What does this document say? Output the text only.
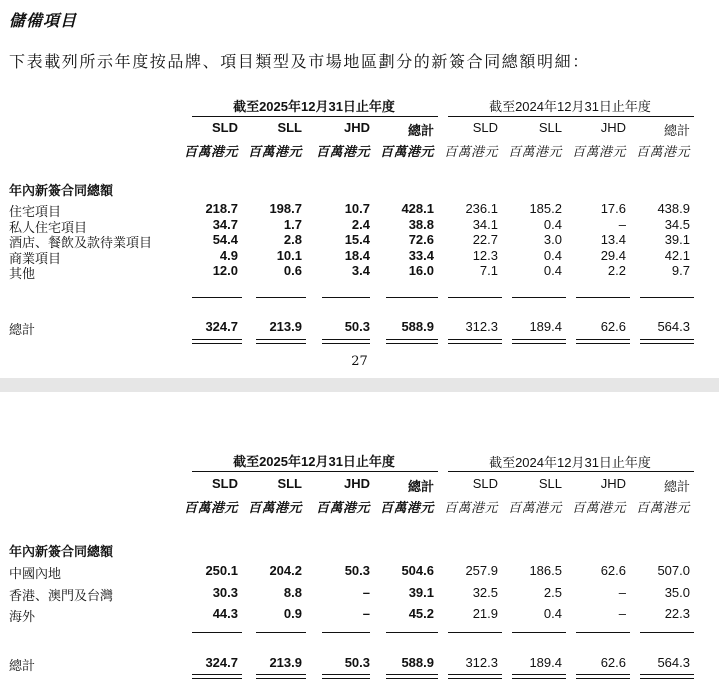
儲備項目
下表載列所示年度按品牌、項目類型及市場地區劃分的新簽合同總額明細：
截至2025年12月31日止年度	截至2024年12月31日止年度
SLD	SLL	JHD	總計	SLD	SLL	JHD	總計
百萬港元 百萬港元	百萬港元 百萬港元 百萬港元 百萬港元 百萬港元 百萬港元
年內新簽合同總額
住宅項目	218.7	198.7	10.7	428.1	236.1	185.2	17.6	438.9
私人住宅項目	34.7	1.7	2.4	38.8	34.1	0.4	–	34.5
酒店、餐飲及款待業項目	54.4	2.8	15.4	72.6	22.7	3.0	13.4	39.1
商業項目	4.9	10.1	18.4	33.4	12.3	0.4	29.4	42.1
其他	12.0	0.6	3.4	16.0	7.1	0.4	2.2	9.7
總計	324.7	213.9	50.3	588.9	312.3	189.4	62.6	564.3
27
截至2025年12月31日止年度	截至2024年12月31日止年度
SLD	SLL	JHD	總計	SLD	SLL	JHD	總計
百萬港元 百萬港元	百萬港元 百萬港元 百萬港元 百萬港元 百萬港元 百萬港元
年內新簽合同總額
中國內地	250.1	204.2	50.3	504.6	257.9	186.5	62.6	507.0
香港、澳門及台灣	30.3	8.8	–	39.1	32.5	2.5	–	35.0
海外	44.3	0.9	–	45.2	21.9	0.4	–	22.3
總計	324.7	213.9	50.3	588.9	312.3	189.4	62.6	564.3
